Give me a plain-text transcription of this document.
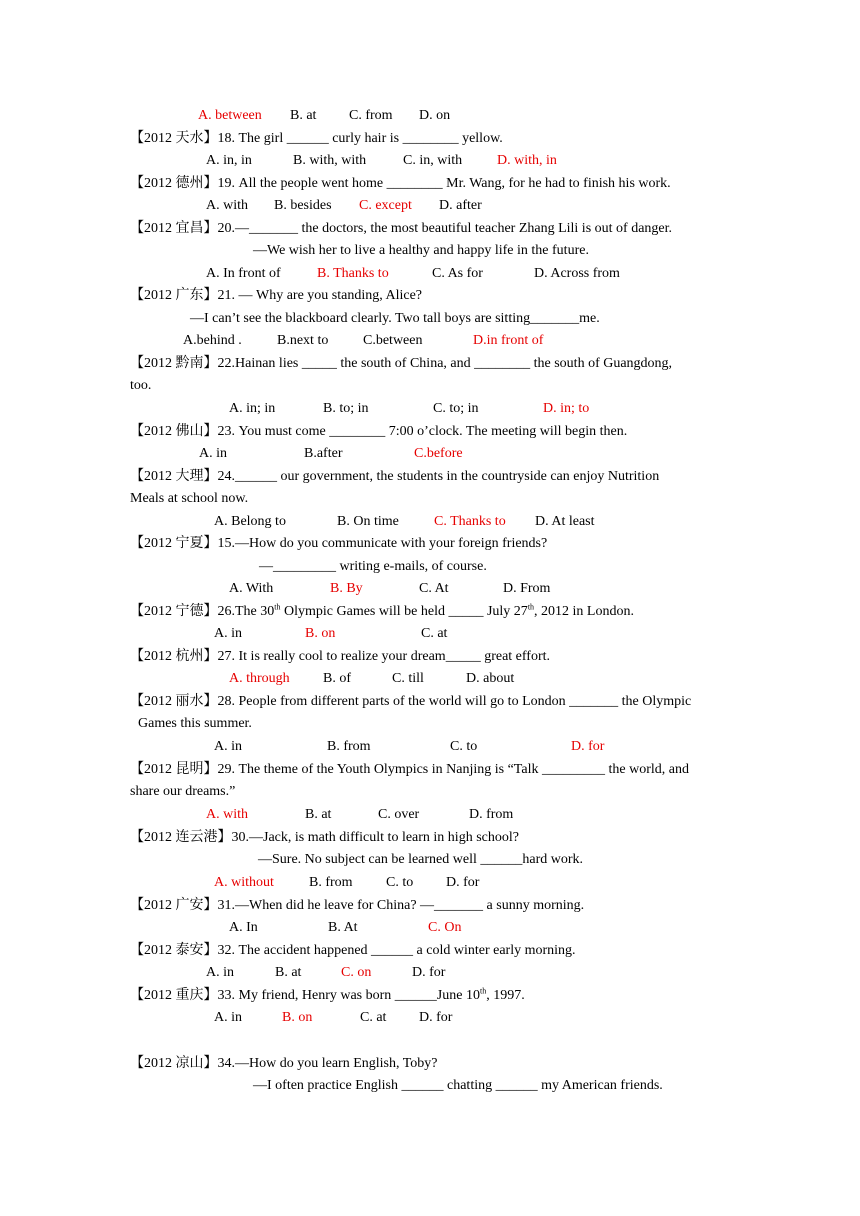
A. between B. at C. from D. on
【2012 天水】18. The girl ______ curly hair is ________ yellow.
A. in, in	B. with, with	C. in, with D. with, in
【2012 德州】19. All the people went home ________ Mr. Wang, for he had to finish his work.
A. with B. besides C. except D. after
【2012 宜昌】20.—_______ the doctors, the most beautiful teacher Zhang Lili is out of danger.
—We wish her to live a healthy and happy life in the future.
A. In front of	B. Thanks to	C. As for	D. Across from
【2012 广东】21. — Why are you standing, Alice?
—I can’t see the blackboard clearly. Two tall boys are sitting_______me.
A.behind .	B.next to C.between	D.in front of
【2012 黔南】22.Hainan lies _____ the south of China, and ________ the south of Guangdong,
too.
A. in; in	B. to; in	C. to; in	D. in; to
【2012 佛山】23. You must come ________ 7:00 o’clock. The meeting will begin then.
A. in	B.after	C.before
【2012 大理】24.______ our government, the students in the countryside can enjoy Nutrition
Meals at school now.
A. Belong to	B. On time	C. Thanks to D. At least
【2012 宁夏】15.—How do you communicate with your foreign friends?
—_________ writing e-mails, of course.
A. With	B. By	C. At	D. From
【2012 宁德】26.The 30th Olympic Games will be held _____ July 27th, 2012 in London.
A. in	B. on	C. at
【2012 杭州】27. It is really cool to realize your dream_____ great effort.
A. through B. of	C. till	D. about
【2012 丽水】28. People from different parts of the world will go to London _______ the Olympic
Games this summer.
A. in	B. from	C. to	D. for
【2012 昆明】29. The theme of the Youth Olympics in Nanjing is “Talk _________ the world, and
share our dreams.”
A. with	B. at	C. over	D. from
【2012 连云港】30.—Jack, is math difficult to learn in high school?
—Sure. No subject can be learned well ______hard work.
A. without	B. from C. to D. for
【2012 广安】31.—When did he leave for China? —_______ a sunny morning.
A. In	B. At	C. On
【2012 泰安】32. The accident happened ______ a cold winter early morning.
A. in	B. at	C. on	D. for
【2012 重庆】33. My friend, Henry was born ______June 10th, 1997.
A. in	B. on	C. at D. for
【2012 凉山】34.—How do you learn English, Toby?
—I often practice English ______ chatting ______ my American friends.
